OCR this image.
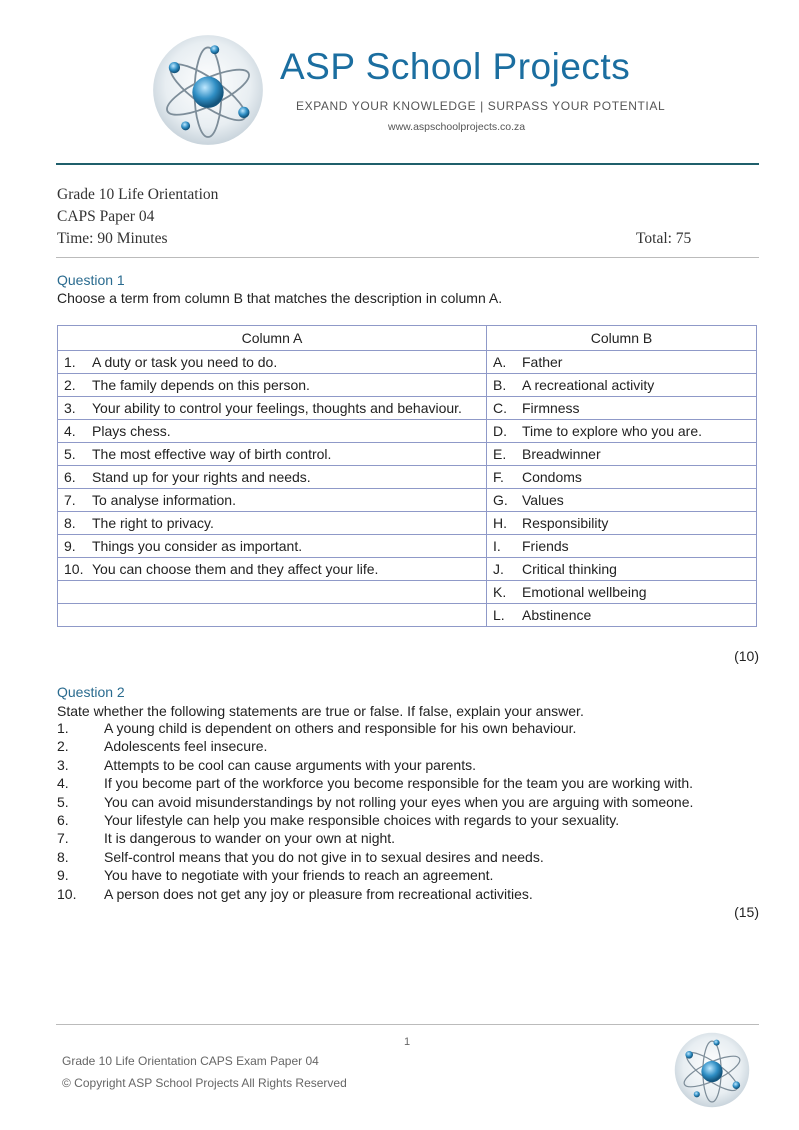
ASP School Projects
EXPAND YOUR KNOWLEDGE | SURPASS YOUR POTENTIAL
www.aspschoolprojects.co.za
Grade 10 Life Orientation
CAPS Paper 04
Time: 90 Minutes	Total: 75
Question 1
Choose a term from column B that matches the description in column A.
Column A	Column B

1. A duty or task you need to do.	A. Father

2. The family depends on this person.	B. A recreational activity

3. Your ability to control your feelings, thoughts and behaviour.	C. Firmness

4. Plays chess.	D. Time to explore who you are.

5. The most effective way of birth control.	E. Breadwinner

6. Stand up for your rights and needs.	F. Condoms

7. To analyse information.	G. Values

8. The right to privacy.	H. Responsibility

9. Things you consider as important.	I. Friends

10. You can choose them and they affect your life.	J. Critical thinking
	K. Emotional wellbeing
	L. Abstinence
(10)
Question 2
State whether the following statements are true or false. If false, explain your answer.
1.	A young child is dependent on others and responsible for his own behaviour.
2.	Adolescents feel insecure.
3.	Attempts to be cool can cause arguments with your parents.
4.	If you become part of the workforce you become responsible for the team you are working with.
5.	You can avoid misunderstandings by not rolling your eyes when you are arguing with someone.
6.	Your lifestyle can help you make responsible choices with regards to your sexuality.
7.	It is dangerous to wander on your own at night.
8.	Self-control means that you do not give in to sexual desires and needs.
9.	You have to negotiate with your friends to reach an agreement.
10.	A person does not get any joy or pleasure from recreational activities.
(15)
1
Grade 10 Life Orientation CAPS Exam Paper 04
© Copyright ASP School Projects All Rights Reserved
